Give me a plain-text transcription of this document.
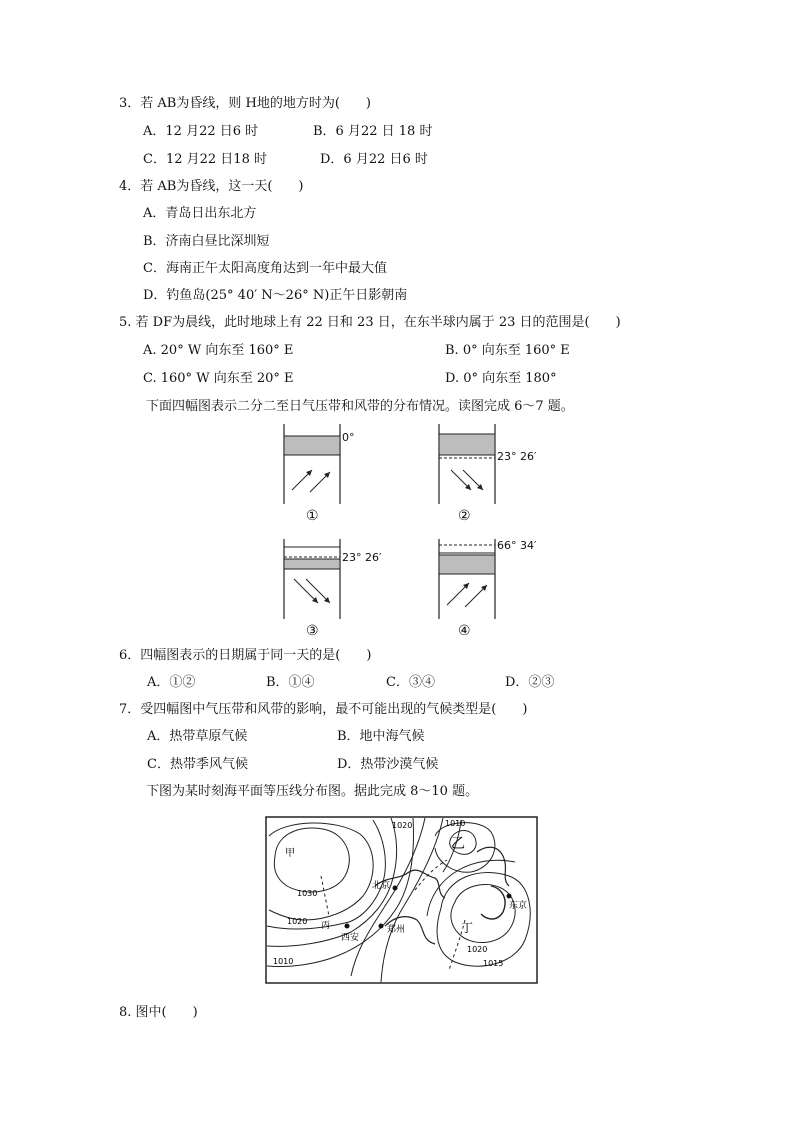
3．若 AB为昏线，则 H地的地方时为(　　)
A．12 月22 日6 时	B．6 月22 日 18 时
C．12 月22 日18 时	D．6 月22 日6 时
4．若 AB为昏线，这一天(　　)
A．青岛日出东北方
B．济南白昼比深圳短
C．海南正午太阳高度角达到一年中最大值
D．钓鱼岛(25° 40′ N～26° N)正午日影朝南
5. 若 DF为晨线，此时地球上有 22 日和 23 日，在东半球内属于 23 日的范围是(　　)
A. 20° W 向东至 160° E	B. 0° 向东至 160° E
C. 160° W 向东至 20° E	D. 0° 向东至 180°
下面四幅图表示二分二至日气压带和风带的分布情况。读图完成 6～7 题。
0°
①
23° 26′
②
23° 26′
③
66° 34′
④
6．四幅图表示的日期属于同一天的是(　　)
A．①②	B．①④	C．③④	D．②③
7．受四幅图中气压带和风带的影响，最不可能出现的气候类型是(　　)
A．热带草原气候	B．地中海气候
C．热带季风气候	D．热带沙漠气候
下图为某时刻海平面等压线分布图。据此完成 8～10 题。
甲
乙
丙	丁
北京
西安
郑州
东京
1020	1010
1030
1020
1010
1020
1015
8. 图中(　　)
